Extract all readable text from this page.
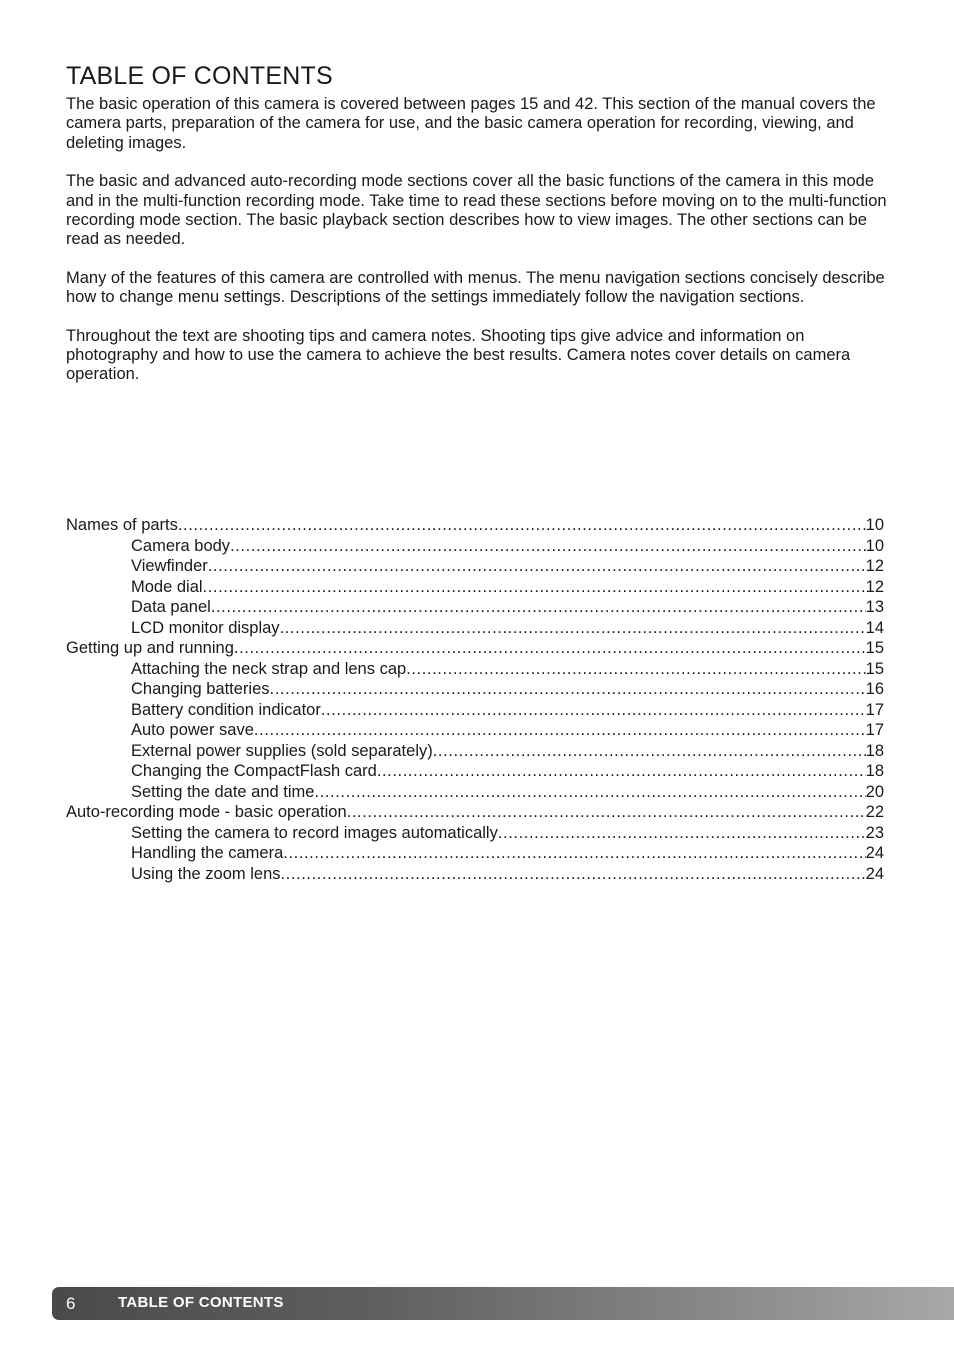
TABLE OF CONTENTS

The basic operation of this camera is covered between pages 15 and 42. This section of the manual covers the camera parts, preparation of the camera for use, and the basic camera operation for recording, viewing, and deleting images.

The basic and advanced auto-recording mode sections cover all the basic functions of the camera in this mode and in the multi-function recording mode. Take time to read these sections before moving on to the multi-function recording mode section. The basic playback section describes how to view images. The other sections can be read as needed.

Many of the features of this camera are controlled with menus. The menu navigation sections concisely describe how to change menu settings. Descriptions of the settings immediately follow the navigation sections.

Throughout the text are shooting tips and camera notes. Shooting tips give advice and information on photography and how to use the camera to achieve the best results. Camera notes cover details on camera operation.

Names of parts .....	10
Camera body .....	10
Viewfinder .....	12
Mode dial .....	12
Data panel .....	13
LCD monitor display .....	14
Getting up and running .....	15
Attaching the neck strap and lens cap .....	15
Changing batteries .....	16
Battery condition indicator .....	17
Auto power save .....	17
External power supplies (sold separately) .....	18
Changing the CompactFlash card .....	18
Setting the date and time .....	20
Auto-recording mode - basic operation .....	22
Setting the camera to record images automatically .....	23
Handling the camera .....	24
Using the zoom lens .....	24
6	TABLE OF CONTENTS
